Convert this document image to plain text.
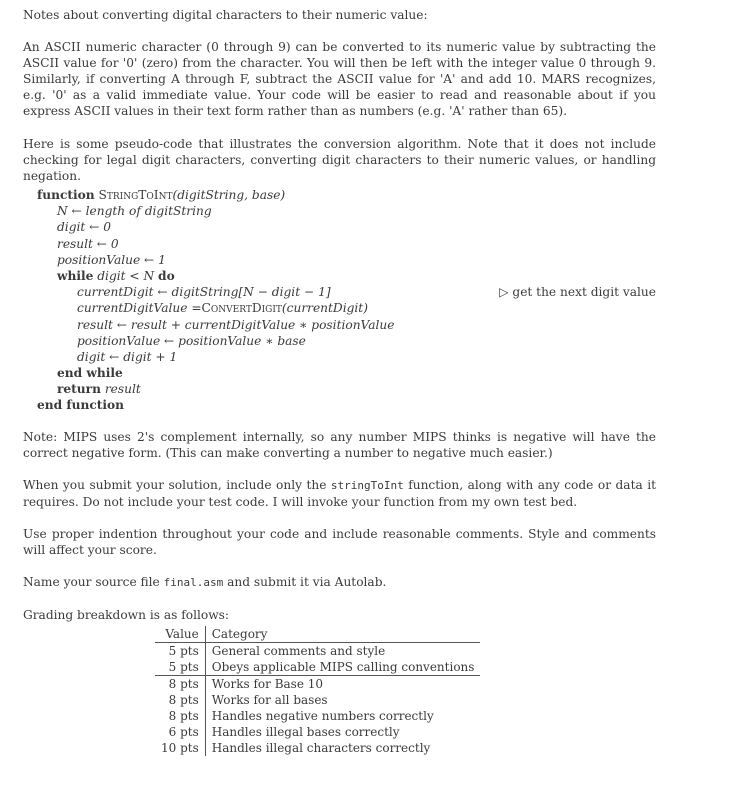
Notes about converting digital characters to their numeric value:

An ASCII numeric character (0 through 9) can be converted to its numeric value by subtracting the ASCII value for '0' (zero) from the character. You will then be left with the integer value 0 through 9. Similarly, if converting A through F, subtract the ASCII value for 'A' and add 10. MARS recognizes, e.g. '0' as a valid immediate value. Your code will be easier to read and reasonable about if you express ASCII values in their text form rather than as numbers (e.g. 'A' rather than 65).

Here is some pseudo-code that illustrates the conversion algorithm. Note that it does not include checking for legal digit characters, converting digit characters to their numeric values, or handling negation.

function StringToInt(digitString, base)
N ← length of digitString
digit ← 0
result ← 0
positionValue ← 1
while digit < N do
currentDigit ← digitString[N − digit − 1]	▷ get the next digit value
currentDigitValue =ConvertDigit(currentDigit)
result ← result + currentDigitValue ∗ positionValue
positionValue ← positionValue ∗ base
digit ← digit + 1
end while
return result
end function

Note: MIPS uses 2's complement internally, so any number MIPS thinks is negative will have the correct negative form. (This can make converting a number to negative much easier.)

When you submit your solution, include only the stringToInt function, along with any code or data it requires. Do not include your test code. I will invoke your function from my own test bed.

Use proper indention throughout your code and include reasonable comments. Style and comments will affect your score.

Name your source file final.asm and submit it via Autolab.

Grading breakdown is as follows:

Value	Category
5 pts	General comments and style
5 pts	Obeys applicable MIPS calling conventions
8 pts	Works for Base 10
8 pts	Works for all bases
8 pts	Handles negative numbers correctly
6 pts	Handles illegal bases correctly
10 pts	Handles illegal characters correctly
